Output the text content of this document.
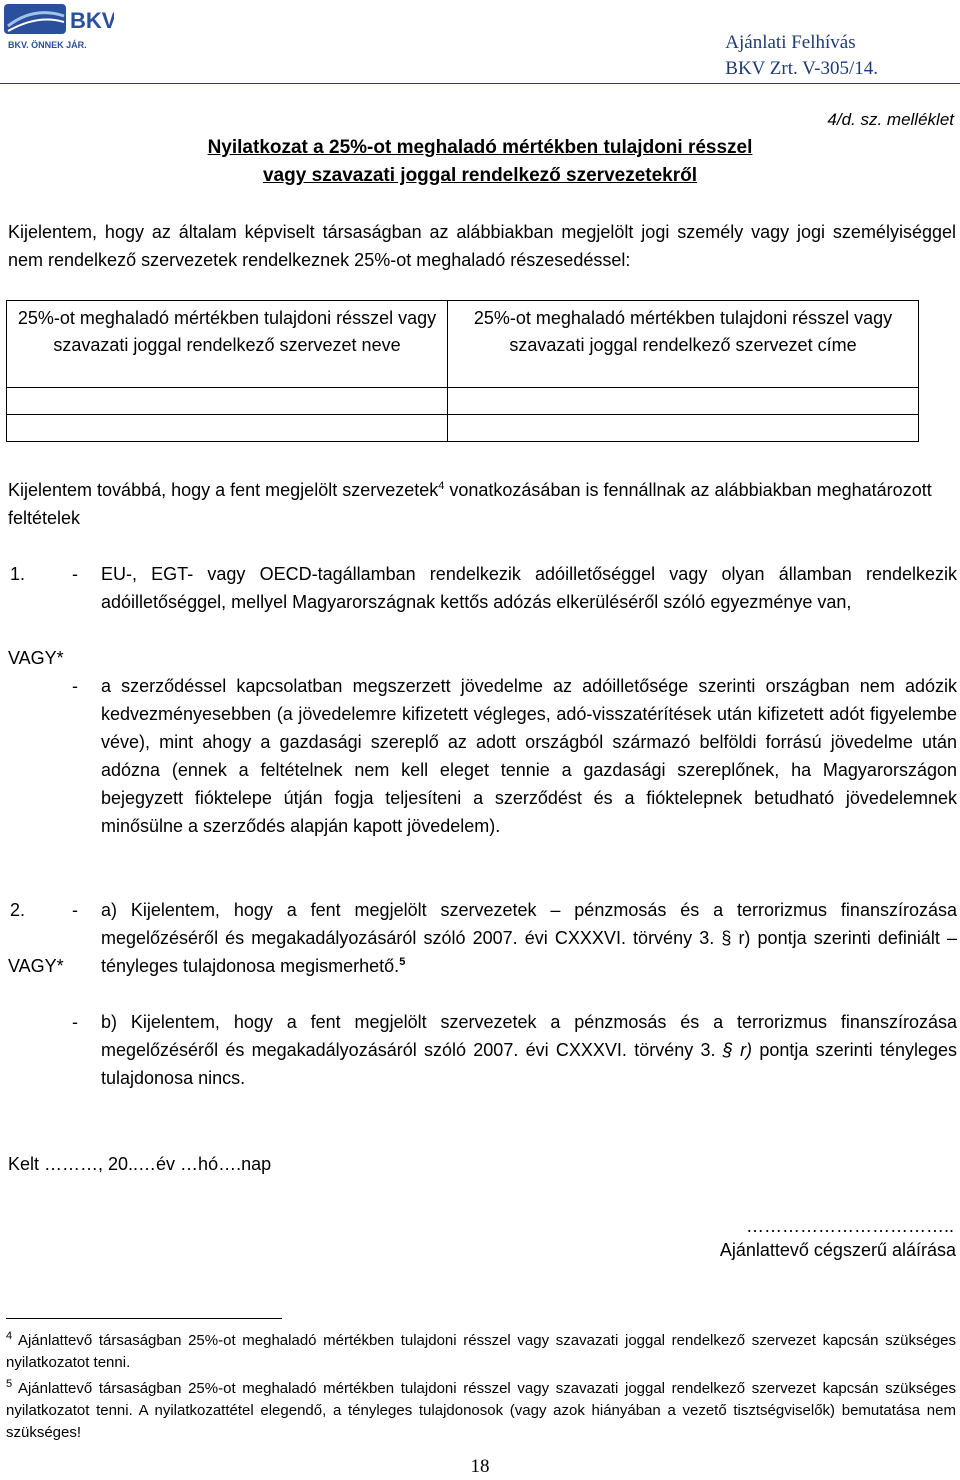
BKV
BKV. ÖNNEK JÁR.	Ajánlati Felhívás
BKV Zrt. V-305/14.
4/d. sz. melléklet
Nyilatkozat a 25%-ot meghaladó mértékben tulajdoni résszel
vagy szavazati joggal rendelkező szervezetekről
Kijelentem, hogy az általam képviselt társaságban az alábbiakban megjelölt jogi személy vagy jogi személyiséggel nem rendelkező szervezetek rendelkeznek 25%-ot meghaladó részesedéssel:
25%-ot meghaladó mértékben tulajdoni résszel vagy szavazati joggal rendelkező szervezet neve	25%-ot meghaladó mértékben tulajdoni résszel vagy szavazati joggal rendelkező szervezet címe

Kijelentem továbbá, hogy a fent megjelölt szervezetek$^4$ vonatkozásában is fennállnak az alábbiakban meghatározott feltételek
1.	-	EU-, EGT- vagy OECD-tagállamban rendelkezik adóilletőséggel vagy olyan államban rendelkezik adóilletőséggel, mellyel Magyarországnak kettős adózás elkerüléséről szóló egyezménye van,
VAGY*
-	a szerződéssel kapcsolatban megszerzett jövedelme az adóilletősége szerinti országban nem adózik kedvezményesebben (a jövedelemre kifizetett végleges, adó-visszatérítések után kifizetett adót figyelembe véve), mint ahogy a gazdasági szereplő az adott országból származó belföldi forrású jövedelme után adózna (ennek a feltételnek nem kell eleget tennie a gazdasági szereplőnek, ha Magyarországon bejegyzett fióktelepe útján fogja teljesíteni a szerződést és a fióktelepnek betudható jövedelemnek minősülne a szerződés alapján kapott jövedelem).
2.	-	a) Kijelentem, hogy a fent megjelölt szervezetek – pénzmosás és a terrorizmus finanszírozása megelőzéséről és megakadályozásáról szóló 2007. évi CXXXVI. törvény 3. § r) pontja szerinti definiált – tényleges tulajdonosa megismerhető.$^5$
VAGY*
-	b) Kijelentem, hogy a fent megjelölt szervezetek a pénzmosás és a terrorizmus finanszírozása megelőzéséről és megakadályozásáról szóló 2007. évi CXXXVI. törvény 3. § r) pontja szerinti tényleges tulajdonosa nincs.
Kelt ………, 20..…év …hó….nap
……………………………..
Ajánlattevő cégszerű aláírása
$^4$ Ajánlattevő társaságban 25%-ot meghaladó mértékben tulajdoni résszel vagy szavazati joggal rendelkező szervezet kapcsán szükséges nyilatkozatot tenni.
$^5$ Ajánlattevő társaságban 25%-ot meghaladó mértékben tulajdoni résszel vagy szavazati joggal rendelkező szervezet kapcsán szükséges nyilatkozatot tenni. A nyilatkozattétel elegendő, a tényleges tulajdonosok (vagy azok hiányában a vezető tisztségviselők) bemutatása nem szükséges!
18
